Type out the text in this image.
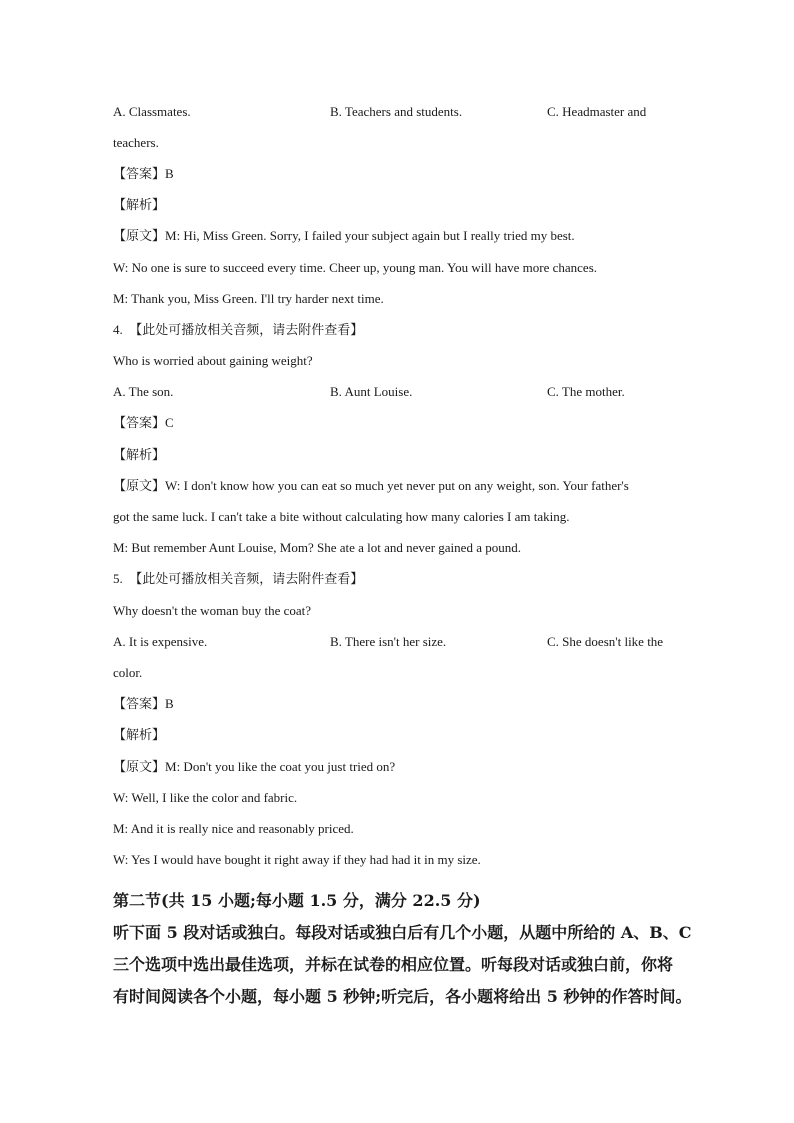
A. Classmates.	B. Teachers and students.	C. Headmaster and
teachers.
【答案】B
【解析】
【原文】M: Hi, Miss Green. Sorry, I failed your subject again but I really tried my best.
W: No one is sure to succeed every time. Cheer up, young man. You will have more chances.
M: Thank you, Miss Green. I'll try harder next time.
4. 【此处可播放相关音频，请去附件查看】
Who is worried about gaining weight?
A. The son.	B. Aunt Louise.	C. The mother.
【答案】C
【解析】
【原文】W: I don't know how you can eat so much yet never put on any weight, son. Your father's
got the same luck. I can't take a bite without calculating how many calories I am taking.
M: But remember Aunt Louise, Mom? She ate a lot and never gained a pound.
5. 【此处可播放相关音频，请去附件查看】
Why doesn't the woman buy the coat?
A. It is expensive.	B. There isn't her size.	C. She doesn't like the
color.
【答案】B
【解析】
【原文】M: Don't you like the coat you just tried on?
W: Well, I like the color and fabric.
M: And it is really nice and reasonably priced.
W: Yes I would have bought it right away if they had had it in my size.
第二节(共 15 小题;每小题 1.5 分，满分 22.5 分)
听下面 5 段对话或独白。每段对话或独白后有几个小题，从题中所给的 A、B、C
三个选项中选出最佳选项，并标在试卷的相应位置。听每段对话或独白前，你将
有时间阅读各个小题，每小题 5 秒钟;听完后，各小题将给出 5 秒钟的作答时间。
